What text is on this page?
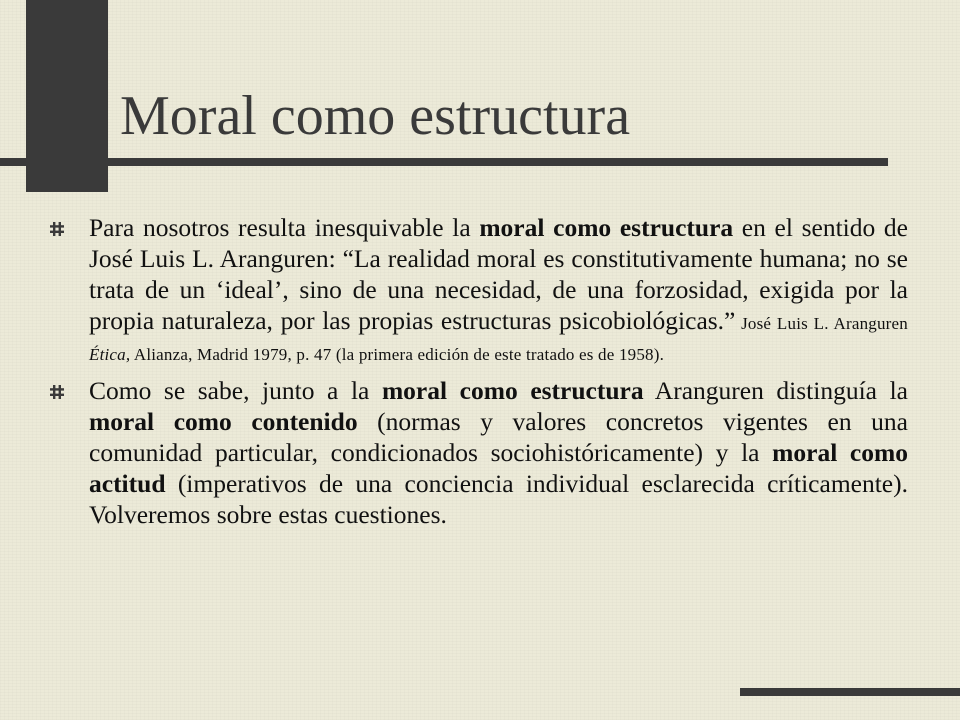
Moral como estructura
Para nosotros resulta inesquivable la moral como estructura en el sentido de José Luis L. Aranguren: “La realidad moral es constitutivamente humana; no se trata de un ‘ideal’, sino de una necesidad, de una forzosidad, exigida por la propia naturaleza, por las propias estructuras psicobiológicas.” José Luis L. Aranguren Ética, Alianza, Madrid 1979, p. 47 (la primera edición de este tratado es de 1958).
Como se sabe, junto a la moral como estructura Aranguren distinguía la moral como contenido (normas y valores concretos vigentes en una comunidad particular, condicionados sociohistóricamente) y la moral como actitud (imperativos de una conciencia individual esclarecida críticamente). Volveremos sobre estas cuestiones.
